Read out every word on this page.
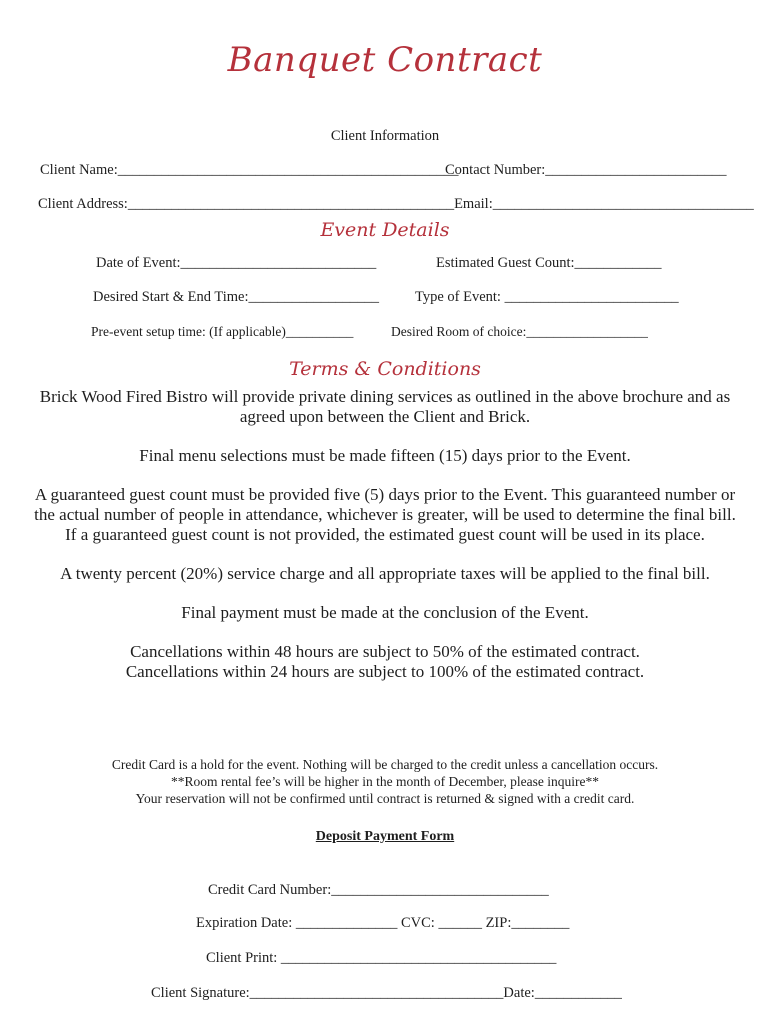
Banquet Contract
Client Information
Client Name:_______________________________________________
Contact Number:_________________________
Client Address:_____________________________________________Email:____________________________________
Event Details
Date of Event:___________________________	Estimated Guest Count:____________
Desired Start & End Time:__________________ Type of Event: ________________________
Pre-event setup time: (If applicable)__________	Desired Room of choice:__________________
Terms & Conditions

Brick Wood Fired Bistro will provide private dining services as outlined in the above brochure and as agreed upon between the Client and Brick.

Final menu selections must be made fifteen (15) days prior to the Event.

A guaranteed guest count must be provided five (5) days prior to the Event. This guaranteed number or the actual number of people in attendance, whichever is greater, will be used to determine the final bill. If a guaranteed guest count is not provided, the estimated guest count will be used in its place.

A twenty percent (20%) service charge and all appropriate taxes will be applied to the final bill.

Final payment must be made at the conclusion of the Event.

Cancellations within 48 hours are subject to 50% of the estimated contract.

Cancellations within 24 hours are subject to 100% of the estimated contract.

Credit Card is a hold for the event. Nothing will be charged to the credit unless a cancellation occurs.
**Room rental fee’s will be higher in the month of December, please inquire**
Your reservation will not be confirmed until contract is returned & signed with a credit card.
Deposit Payment Form
Credit Card Number:______________________________
Expiration Date: ______________ CVC: ______ ZIP:________
Client Print: ______________________________________
Client Signature:___________________________________Date:____________
